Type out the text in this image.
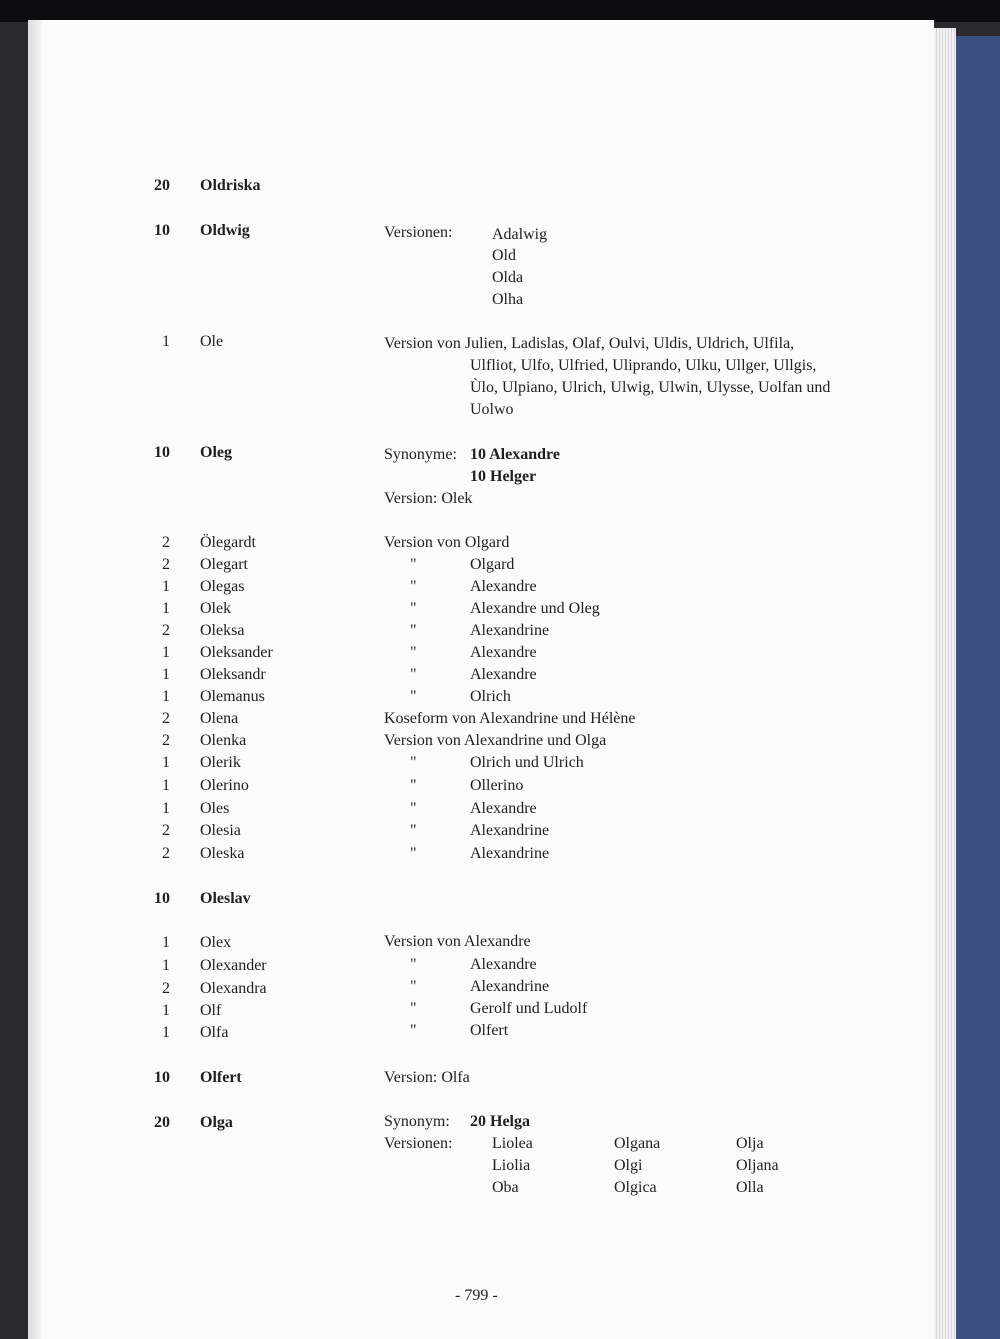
20 Oldriska
10 Oldwig	Versionen: Adalwig
Old
Olda
Olha
1 Ole	Version von Julien, Ladislas, Olaf, Oulvi, Uldis, Uldrich, Ulfila,
Ulfliot, Ulfo, Ulfried, Uliprando, Ulku, Ullger, Ullgis,
Ùlo, Ulpiano, Ulrich, Ulwig, Ulwin, Ulysse, Uolfan und
Uolwo
10 Oleg	Synonyme: 10 Alexandre
10 Helger
Version: Olek
2 Ölegardt	Version von Olgard
2 Olegart	"	Olgard
1 Olegas	"	Alexandre
1 Olek	"	Alexandre und Oleg
2 Oleksa	"	Alexandrine
1 Oleksander	"	Alexandre
1 Oleksandr	"	Alexandre
1 Olemanus	"	Olrich
2 Olena	Koseform von Alexandrine und Hélène
2 Olenka	Version von Alexandrine und Olga
1 Olerik	"	Olrich und Ulrich
1 Olerino	"	Ollerino
1 Oles	"	Alexandre
2 Olesia	"	Alexandrine
2 Oleska	"	Alexandrine
10 Oleslav
1 Olex	Version von Alexandre
1 Olexander	"	Alexandre
2 Olexandra	"	Alexandrine
1 Olf	"	Gerolf und Ludolf
1 Olfa	"	Olfert
10 Olfert	Version: Olfa
20 Olga	Synonym: 20 Helga
Versionen: Liolea	Olgana	Olja
Liolia	Olgi	Oljana
Oba	Olgica	Olla
- 799 -
